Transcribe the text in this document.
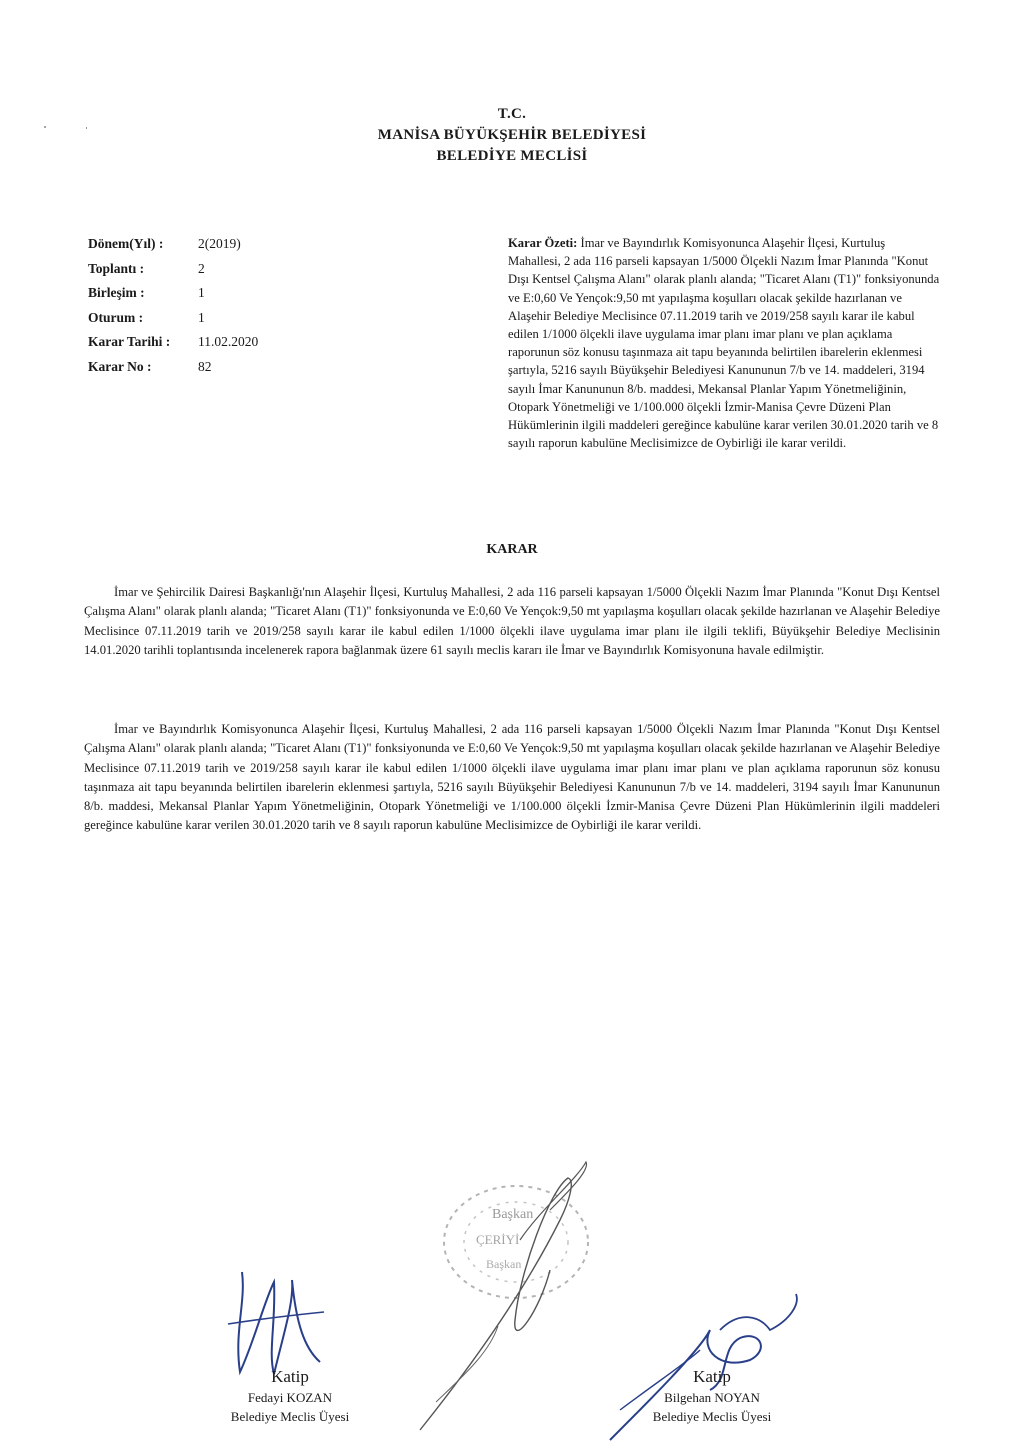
T.C.
MANİSA BÜYÜKŞEHİR BELEDİYESİ
BELEDİYE MECLİSİ
Dönem(Yıl) :	2(2019)
Toplantı :	2
Birleşim :	1
Oturum :	1
Karar Tarihi :	11.02.2020
Karar No :	82
Karar Özeti: İmar ve Bayındırlık Komisyonunca Alaşehir İlçesi, Kurtuluş Mahallesi, 2 ada 116 parseli kapsayan 1/5000 Ölçekli Nazım İmar Planında "Konut Dışı Kentsel Çalışma Alanı" olarak planlı alanda; "Ticaret Alanı (T1)" fonksiyonunda ve E:0,60 Ve Yençok:9,50 mt yapılaşma koşulları olacak şekilde hazırlanan ve Alaşehir Belediye Meclisince 07.11.2019 tarih ve 2019/258 sayılı karar ile kabul edilen 1/1000 ölçekli ilave uygulama imar planı imar planı ve plan açıklama raporunun söz konusu taşınmaza ait tapu beyanında belirtilen ibarelerin eklenmesi şartıyla, 5216 sayılı Büyükşehir Belediyesi Kanununun 7/b ve 14. maddeleri, 3194 sayılı İmar Kanununun 8/b. maddesi, Mekansal Planlar Yapım Yönetmeliğinin, Otopark Yönetmeliği ve 1/100.000 ölçekli İzmir-Manisa Çevre Düzeni Plan Hükümlerinin ilgili maddeleri gereğince kabulüne karar verilen 30.01.2020 tarih ve 8 sayılı raporun kabulüne Meclisimizce de Oybirliği ile karar verildi.
KARAR
İmar ve Şehircilik Dairesi Başkanlığı'nın Alaşehir İlçesi, Kurtuluş Mahallesi, 2 ada 116 parseli kapsayan 1/5000 Ölçekli Nazım İmar Planında "Konut Dışı Kentsel Çalışma Alanı" olarak planlı alanda; "Ticaret Alanı (T1)" fonksiyonunda ve E:0,60 Ve Yençok:9,50 mt yapılaşma koşulları olacak şekilde hazırlanan ve Alaşehir Belediye Meclisince 07.11.2019 tarih ve 2019/258 sayılı karar ile kabul edilen 1/1000 ölçekli ilave uygulama imar planı ile ilgili teklifi, Büyükşehir Belediye Meclisinin 14.01.2020 tarihli toplantısında incelenerek rapora bağlanmak üzere 61 sayılı meclis kararı ile İmar ve Bayındırlık Komisyonuna havale edilmiştir.
İmar ve Bayındırlık Komisyonunca Alaşehir İlçesi, Kurtuluş Mahallesi, 2 ada 116 parseli kapsayan 1/5000 Ölçekli Nazım İmar Planında "Konut Dışı Kentsel Çalışma Alanı" olarak planlı alanda; "Ticaret Alanı (T1)" fonksiyonunda ve E:0,60 Ve Yençok:9,50 mt yapılaşma koşulları olacak şekilde hazırlanan ve Alaşehir Belediye Meclisince 07.11.2019 tarih ve 2019/258 sayılı karar ile kabul edilen 1/1000 ölçekli ilave uygulama imar planı imar planı ve plan açıklama raporunun söz konusu taşınmaza ait tapu beyanında belirtilen ibarelerin eklenmesi şartıyla, 5216 sayılı Büyükşehir Belediyesi Kanununun 7/b ve 14. maddeleri, 3194 sayılı İmar Kanununun 8/b. maddesi, Mekansal Planlar Yapım Yönetmeliğinin, Otopark Yönetmeliği ve 1/100.000 ölçekli İzmir-Manisa Çevre Düzeni Plan Hükümlerinin ilgili maddeleri gereğince kabulüne karar verilen 30.01.2020 tarih ve 8 sayılı raporun kabulüne Meclisimizce de Oybirliği ile karar verildi.
Başkan
ÇERİYİ
Başkan
Katip
Fedayi KOZAN
Belediye Meclis Üyesi
Katip
Bilgehan NOYAN
Belediye Meclis Üyesi
